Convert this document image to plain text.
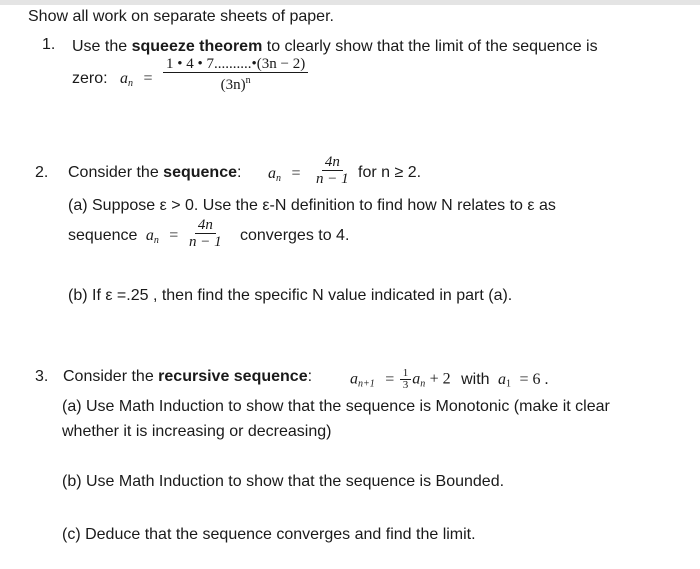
Show all work on separate sheets of paper.
1. Use the squeeze theorem to clearly show that the limit of the sequence is
zero: $a_n = \frac{1 • 4 • 7..........•(3n - 2)}{(3n)^n}$
2. Consider the sequence: $a_n = \frac{4n}{n - 1}$ for n ≥ 2.
(a) Suppose ε > 0. Use the ε-N definition to find how N relates to ε as
sequence $a_n = \frac{4n}{n - 1}$ converges to 4.
(b) If ε =.25 , then find the specific N value indicated in part (a).
3. Consider the recursive sequence: $a_{n+1} = \frac{1}{3} a_n + 2$ with $a_1 = 6$ .
(a) Use Math Induction to show that the sequence is Monotonic (make it clear
whether it is increasing or decreasing)
(b) Use Math Induction to show that the sequence is Bounded.
(c) Deduce that the sequence converges and find the limit.
